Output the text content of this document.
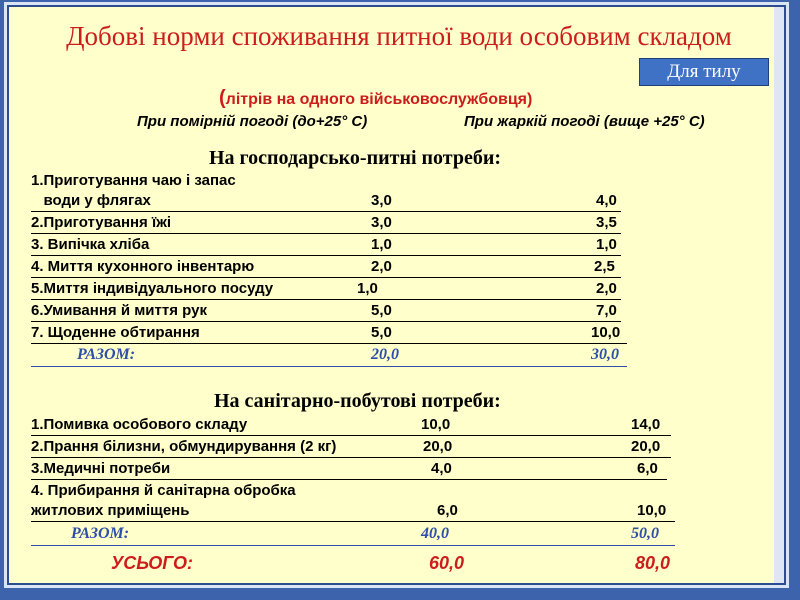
Добові норми споживання питної води особовим складом
Для тилу
(літрів на одного військовослужбовця)
При помірній погоді (до+25° С)	При жаркій погоді (вище +25° С)
На господарсько-питні потреби:
1.Приготування чаю і запас
води у флягах	3,0	4,0
2.Приготування їжі	3,0	3,5
3. Випічка хліба	1,0	1,0
4. Миття кухонного інвентарю	2,0	2,5
5.Миття індивідуального посуду	1,0	2,0
6.Умивання й миття рук	5,0	7,0
7. Щоденне обтирання	5,0	10,0
РАЗОМ:	20,0	30,0
На санітарно-побутові потреби:
1.Помивка особового складу	10,0	14,0
2.Прання білизни, обмундирування (2 кг)	20,0	20,0
3.Медичні потреби	4,0	6,0
4. Прибирання й санітарна обробка
житлових приміщень	6,0	10,0
РАЗОМ:	40,0	50,0
УСЬОГО:	60,0	80,0
